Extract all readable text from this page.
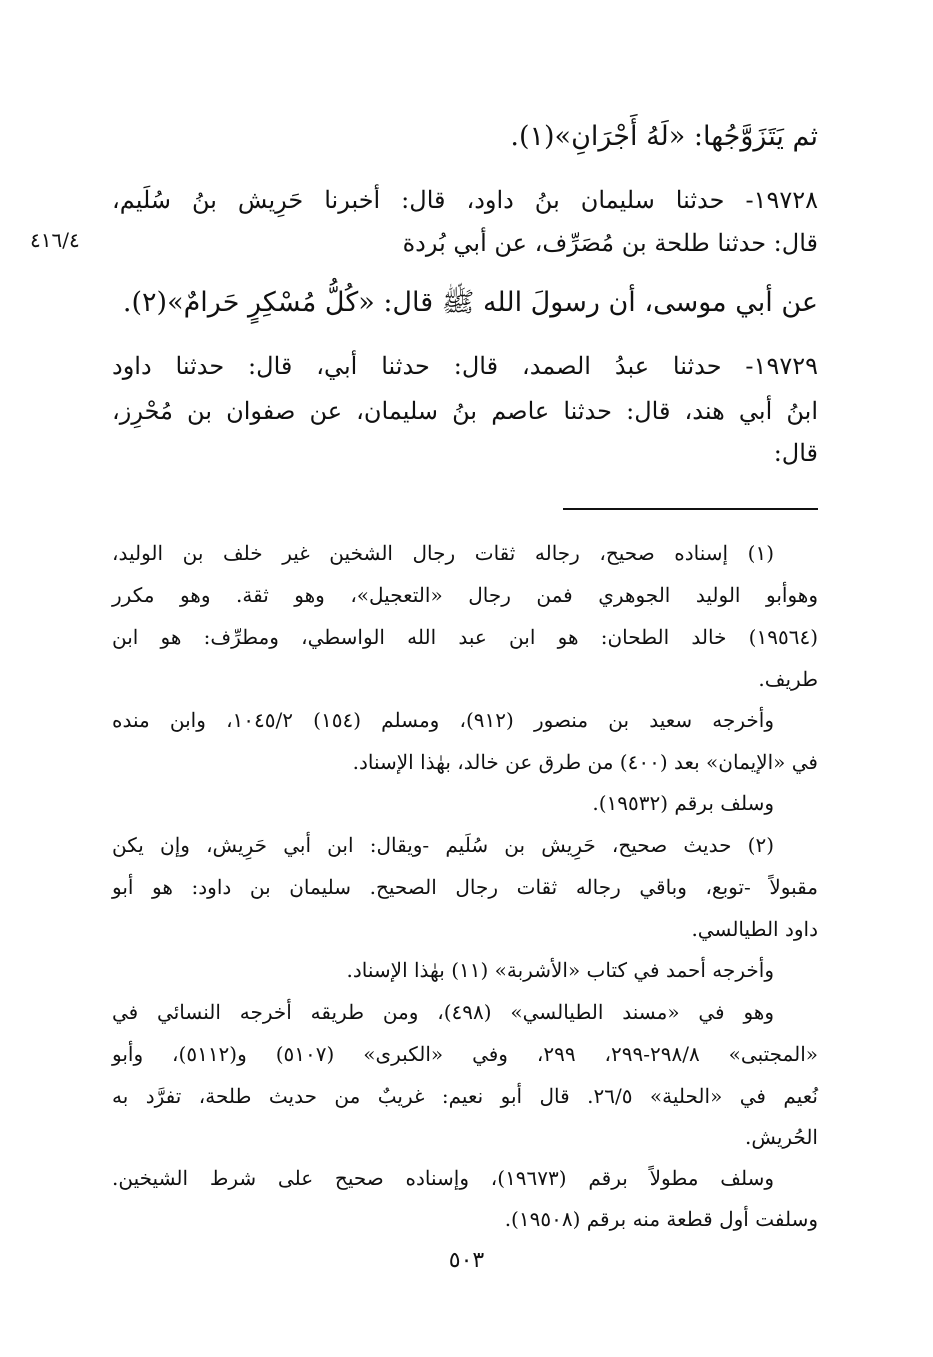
٤١٦/٤
ثم يَتَزَوَّجُها: «لَهُ أَجْرَانِ»(١).
١٩٧٢٨- حدثنا سليمان بنُ داود، قال: أخبرنا حَرِيش بنُ سُلَيم،
قال: حدثنا طلحة بن مُصَرِّف، عن أبي بُردة
عن أبي موسى، أن رسولَ الله ﷺ قال: «كُلُّ مُسْكِرٍ حَرامٌ»(٢).
١٩٧٢٩- حدثنا عبدُ الصمد، قال: حدثنا أبي، قال: حدثنا داود
ابنُ أبي هند، قال: حدثنا عاصم بنُ سليمان، عن صفوان بن مُحْرِز،
قال:
(١) إسناده صحيح، رجاله ثقات رجال الشخين غير خلف بن الوليد،
وهوأبو الوليد الجوهري فمن رجال «التعجيل»، وهو ثقة. وهو مكرر
(١٩٥٦٤) خالد الطحان: هو ابن عبد الله الواسطي، ومطرِّف: هو ابن
طريف.
وأخرجه سعيد بن منصور (٩١٢)، ومسلم (١٥٤) ١٠٤٥/٢، وابن منده
في «الإيمان» بعد (٤٠٠) من طرق عن خالد، بهٰذا الإسناد.
وسلف برقم (١٩٥٣٢).
(٢) حديث صحيح، حَرِيش بن سُلَيم -ويقال: ابن أبي حَرِيش، وإن يكن
مقبولاً -توبع، وباقي رجاله ثقات رجال الصحيح. سليمان بن داود: هو أبو
داود الطيالسي.
وأخرجه أحمد في كتاب «الأشربة» (١١) بهٰذا الإسناد.
وهو في «مسند الطيالسي» (٤٩٨)، ومن طريقه أخرجه النسائي في
«المجتبى» ٢٩٨/٨-٢٩٩، ٢٩٩، وفي «الكبرى» (٥١٠٧) و(٥١١٢)، وأبو
نُعيم في «الحلية» ٢٦/٥. قال أبو نعيم: غريبٌ من حديث طلحة، تفرَّد به
الحُريش.
وسلف مطولاً برقم (١٩٦٧٣)، وإسناده صحيح على شرط الشيخين.
وسلفت أول قطعة منه برقم (١٩٥٠٨).
٥٠٣
